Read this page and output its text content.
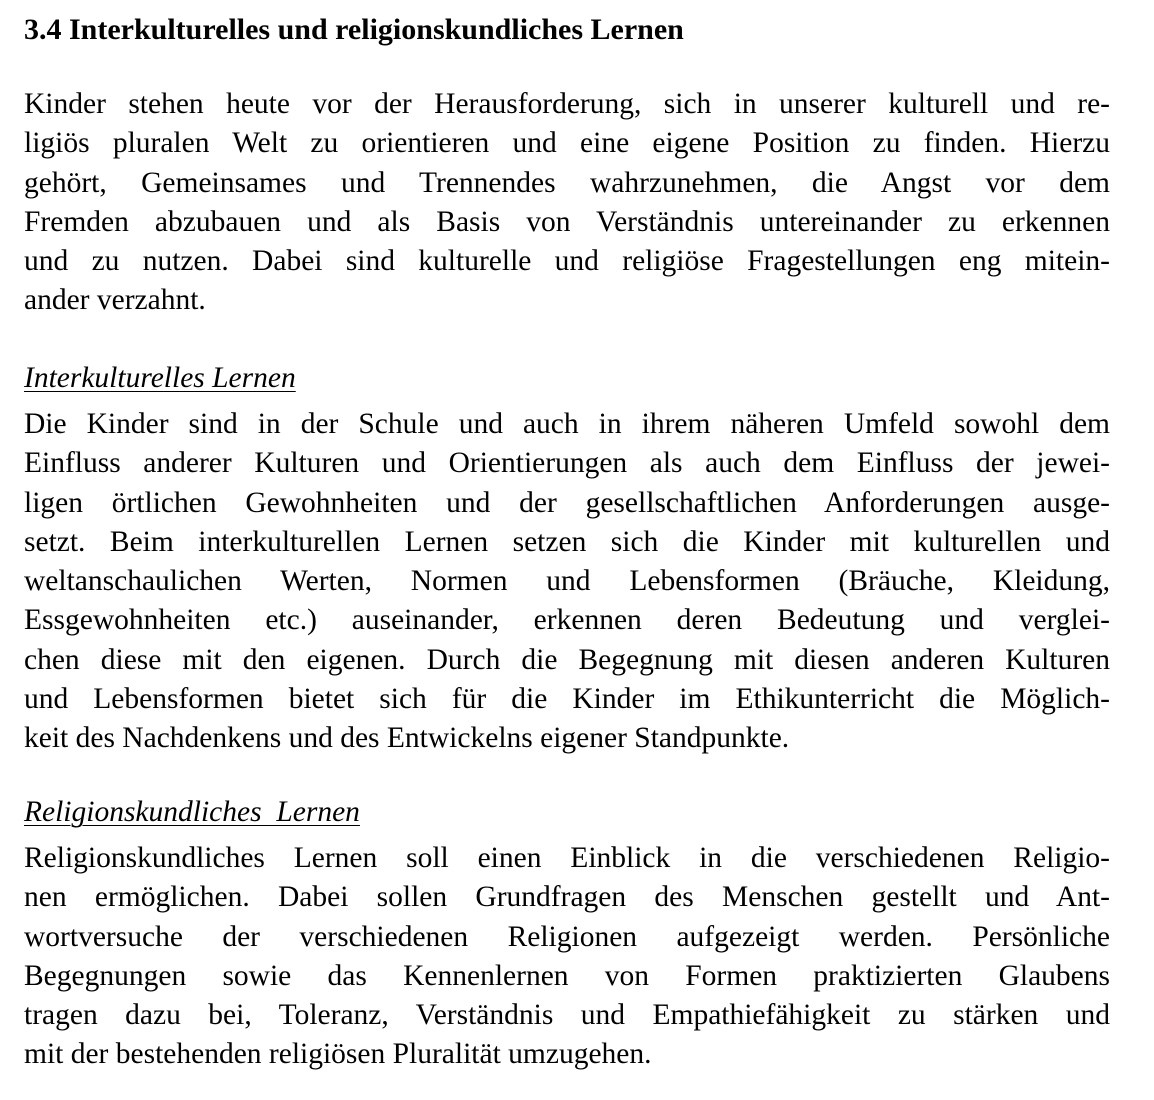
3.4 Interkulturelles und religionskundliches Lernen
Kinder stehen heute vor der Herausforderung, sich in unserer kulturell und re-
ligiös pluralen Welt zu orientieren und eine eigene Position zu finden. Hierzu
gehört, Gemeinsames und Trennendes wahrzunehmen, die Angst vor dem
Fremden abzubauen und als Basis von Verständnis untereinander zu erkennen
und zu nutzen. Dabei sind kulturelle und religiöse Fragestellungen eng mitein-
ander verzahnt.
Interkulturelles Lernen
Die Kinder sind in der Schule und auch in ihrem näheren Umfeld sowohl dem
Einfluss anderer Kulturen und Orientierungen als auch dem Einfluss der jewei-
ligen örtlichen Gewohnheiten und der gesellschaftlichen Anforderungen ausge-
setzt. Beim interkulturellen Lernen setzen sich die Kinder mit kulturellen und
weltanschaulichen Werten, Normen und Lebensformen (Bräuche, Kleidung,
Essgewohnheiten etc.) auseinander, erkennen deren Bedeutung und verglei-
chen diese mit den eigenen. Durch die Begegnung mit diesen anderen Kulturen
und Lebensformen bietet sich für die Kinder im Ethikunterricht die Möglich-
keit des Nachdenkens und des Entwickelns eigener Standpunkte.
Religionskundliches  Lernen
Religionskundliches Lernen soll einen Einblick in die verschiedenen Religio-
nen ermöglichen. Dabei sollen Grundfragen des Menschen gestellt und Ant-
wortversuche der verschiedenen Religionen aufgezeigt werden. Persönliche
Begegnungen sowie das Kennenlernen von Formen praktizierten Glaubens
tragen dazu bei, Toleranz, Verständnis und Empathiefähigkeit zu stärken und
mit der bestehenden religiösen Pluralität umzugehen.
